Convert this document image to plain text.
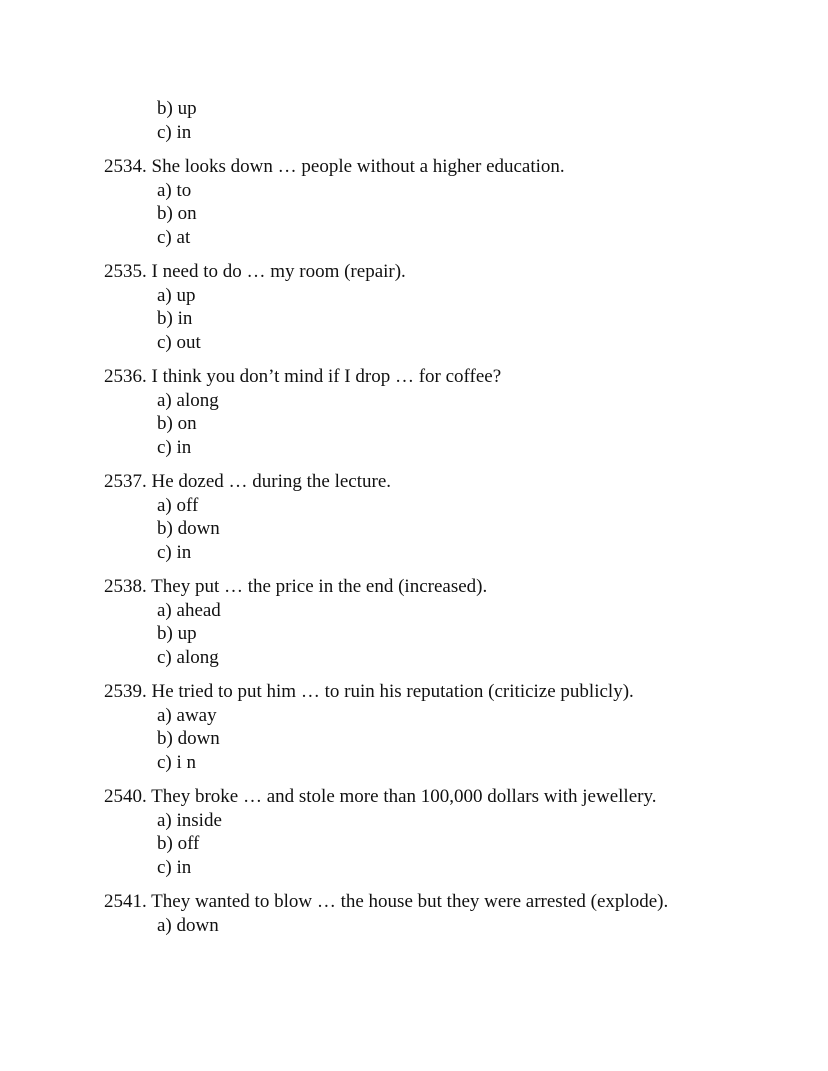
b) up
c) in
2534. She looks down … people without a higher education.
a) to
b) on
c) at
2535. I need to do … my room (repair).
a) up
b) in
c) out
2536. I think you don’t mind if I drop … for coffee?
a) along
b) on
c) in
2537. He dozed … during the lecture.
a) off
b) down
c) in
2538. They put … the price in the end (increased).
a) ahead
b) up
c) along
2539. He tried to put him … to ruin his reputation (criticize publicly).
a) away
b) down
c) i n
2540. They broke … and stole more than 100,000 dollars with jewellery.
a) inside
b) off
c) in
2541. They wanted to blow … the house but they were arrested (explode).
a) down
